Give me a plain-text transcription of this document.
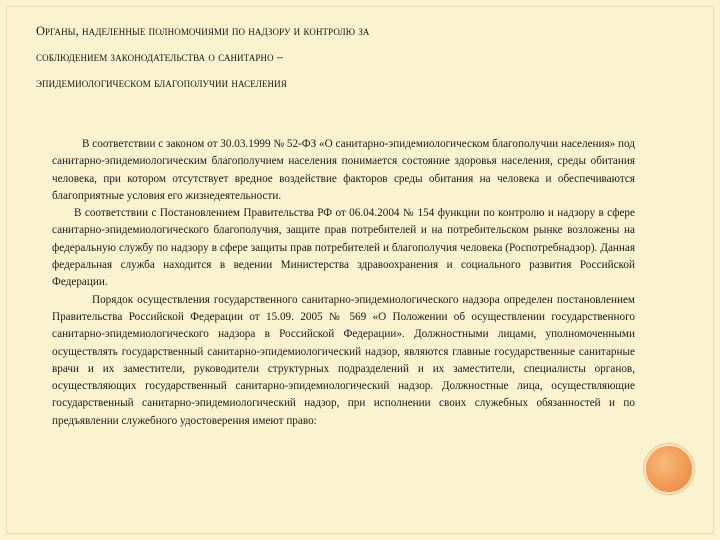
Органы, наделенные полномочиями по надзору и контролю за
соблюдением законодательства о санитарно –
эпидемиологическом благополучии населения

В соответствии с законом от 30.03.1999 № 52-ФЗ «О санитарно-эпидемиологическом благополучии населения» под санитарно-эпидемиологическим благополучием населения понимается состояние здоровья населения, среды обитания человека, при котором отсутствует вредное воздействие факторов среды обитания на человека и обеспечиваются благоприятные условия его жизнедеятельности.

В соответствии с Постановлением Правительства РФ от 06.04.2004 № 154 функции по контролю и надзору в сфере санитарно-эпидемиологического благополучия, защите прав потребителей и на потребительском рынке возложены на федеральную службу по надзору в сфере защиты прав потребителей и благополучия человека (Роспотребнадзор). Данная федеральная служба находится в ведении Министерства здравоохранения и социального развития Российской Федерации.

Порядок осуществления государственного санитарно-эпидемиологического надзора определен постановлением Правительства Российской Федерации от 15.09. 2005 № 569 «О Положении об осуществлении государственного санитарно-эпидемиологического надзора в Российской Федерации». Должностными лицами, уполномоченными осуществлять государственный санитарно-эпидемиологический надзор, являются главные государственные санитарные врачи и их заместители, руководители структурных подразделений и их заместители, специалисты органов, осуществляющих государственный санитарно-эпидемиологический надзор. Должностные лица, осуществляющие государственный санитарно-эпидемиологический надзор, при исполнении своих служебных обязанностей и по предъявлении служебного удостоверения имеют право:
